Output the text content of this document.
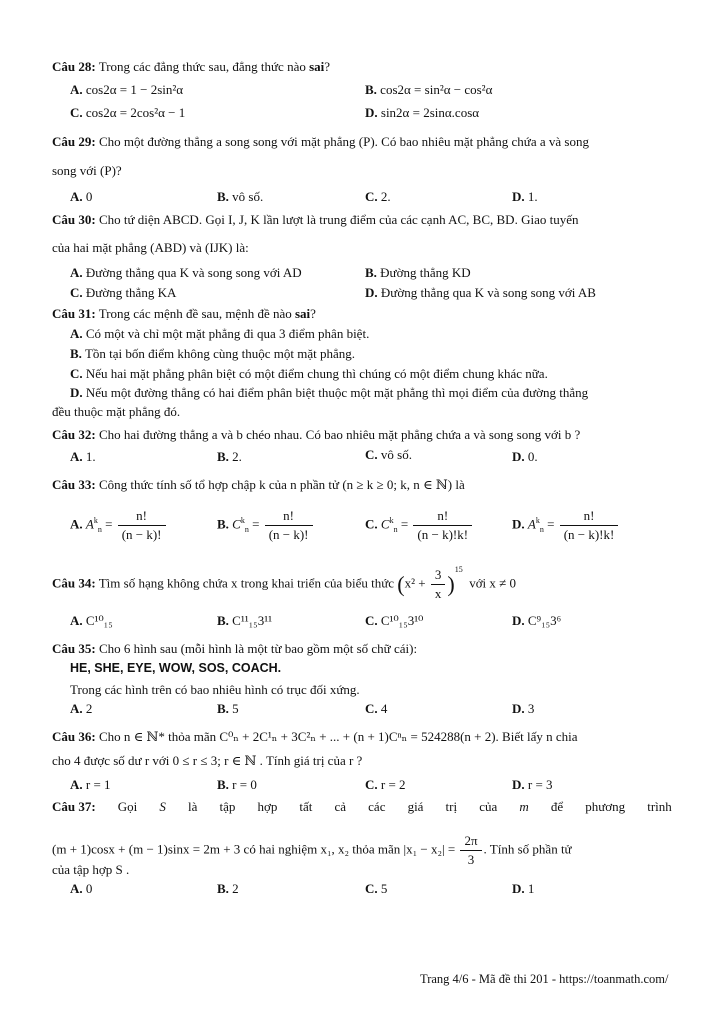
Câu 28: Trong các đẳng thức sau, đẳng thức nào sai?
A. cos2α = 1 − 2sin²α	B. cos2α = sin²α − cos²α
C. cos2α = 2cos²α − 1	D. sin2α = 2sinα.cosα
Câu 29: Cho một đường thẳng a song song với mặt phẳng (P). Có bao nhiêu mặt phẳng chứa a và song
song với (P)?
A. 0	B. vô số.	C. 2.	D. 1.
Câu 30: Cho tứ diện ABCD. Gọi I, J, K lần lượt là trung điểm của các cạnh AC, BC, BD. Giao tuyến
của hai mặt phẳng (ABD) và (IJK) là:
A. Đường thẳng qua K và song song với AD	B. Đường thẳng KD
C. Đường thẳng KA	D. Đường thẳng qua K và song song với AB
Câu 31: Trong các mệnh đề sau, mệnh đề nào sai?
A. Có một và chỉ một mặt phẳng đi qua 3 điểm phân biệt.
B. Tồn tại bốn điểm không cùng thuộc một mặt phẳng.
C. Nếu hai mặt phẳng phân biệt có một điểm chung thì chúng có một điểm chung khác nữa.
D. Nếu một đường thẳng có hai điểm phân biệt thuộc một mặt phẳng thì mọi điểm của đường thẳng
đều thuộc mặt phẳng đó.
Câu 32: Cho hai đường thẳng a và b chéo nhau. Có bao nhiêu mặt phẳng chứa a và song song với b ?
A. 1.	B. 2.	C. vô số.	D. 0.
Câu 33: Công thức tính số tổ hợp chập k của n phần tử (n ≥ k ≥ 0; k, n ∈ ℕ) là
A. $A^k_n = \frac{n!}{(n - k)!}$	B. $C^k_n = \frac{n!}{(n - k)!}$	C. $C^k_n = \frac{n!}{(n - k)!k!}$	D. $A^k_n = \frac{n!}{(n - k)!k!}$
Câu 34: Tìm số hạng không chứa x trong khai triển của biểu thức $(x^2 + \frac{3}{x} )^{15}$  với x ≠ 0
A. C¹⁰₁₅	B. C¹¹₁₅3¹¹	C. C¹⁰₁₅3¹⁰	D. C⁹₁₅3⁶
Câu 35: Cho 6 hình sau (mỗi hình là một từ bao gồm một số chữ cái):
HE, SHE, EYE, WOW, SOS, COACH.
Trong các hình trên có bao nhiêu hình có trục đối xứng.
A. 2	B. 5	C. 4	D. 3
Câu 36: Cho n ∈ ℕ* thỏa mãn C⁰ₙ + 2C¹ₙ + 3C²ₙ + ... + (n + 1)Cⁿₙ = 524288(n + 2). Biết lấy n chia
cho 4 được số dư r với 0 ≤ r ≤ 3; r ∈ ℕ . Tính giá trị của r ?
A. r = 1	B. r = 0	C. r = 2	D. r = 3
Câu 37: Gọi S là tập hợp tất cả các giá trị của m để phương trình
(m + 1)cosx + (m − 1)sinx = 2m + 3 có hai nghiệm x₁, x₂ thỏa mãn $|x_1 - x_2| = \frac{2\pi}{3}$ . Tính số phần tử
của tập hợp S .
A. 0	B. 2	C. 5	D. 1
Trang 4/6 - Mã đề thi 201 - https://toanmath.com/
